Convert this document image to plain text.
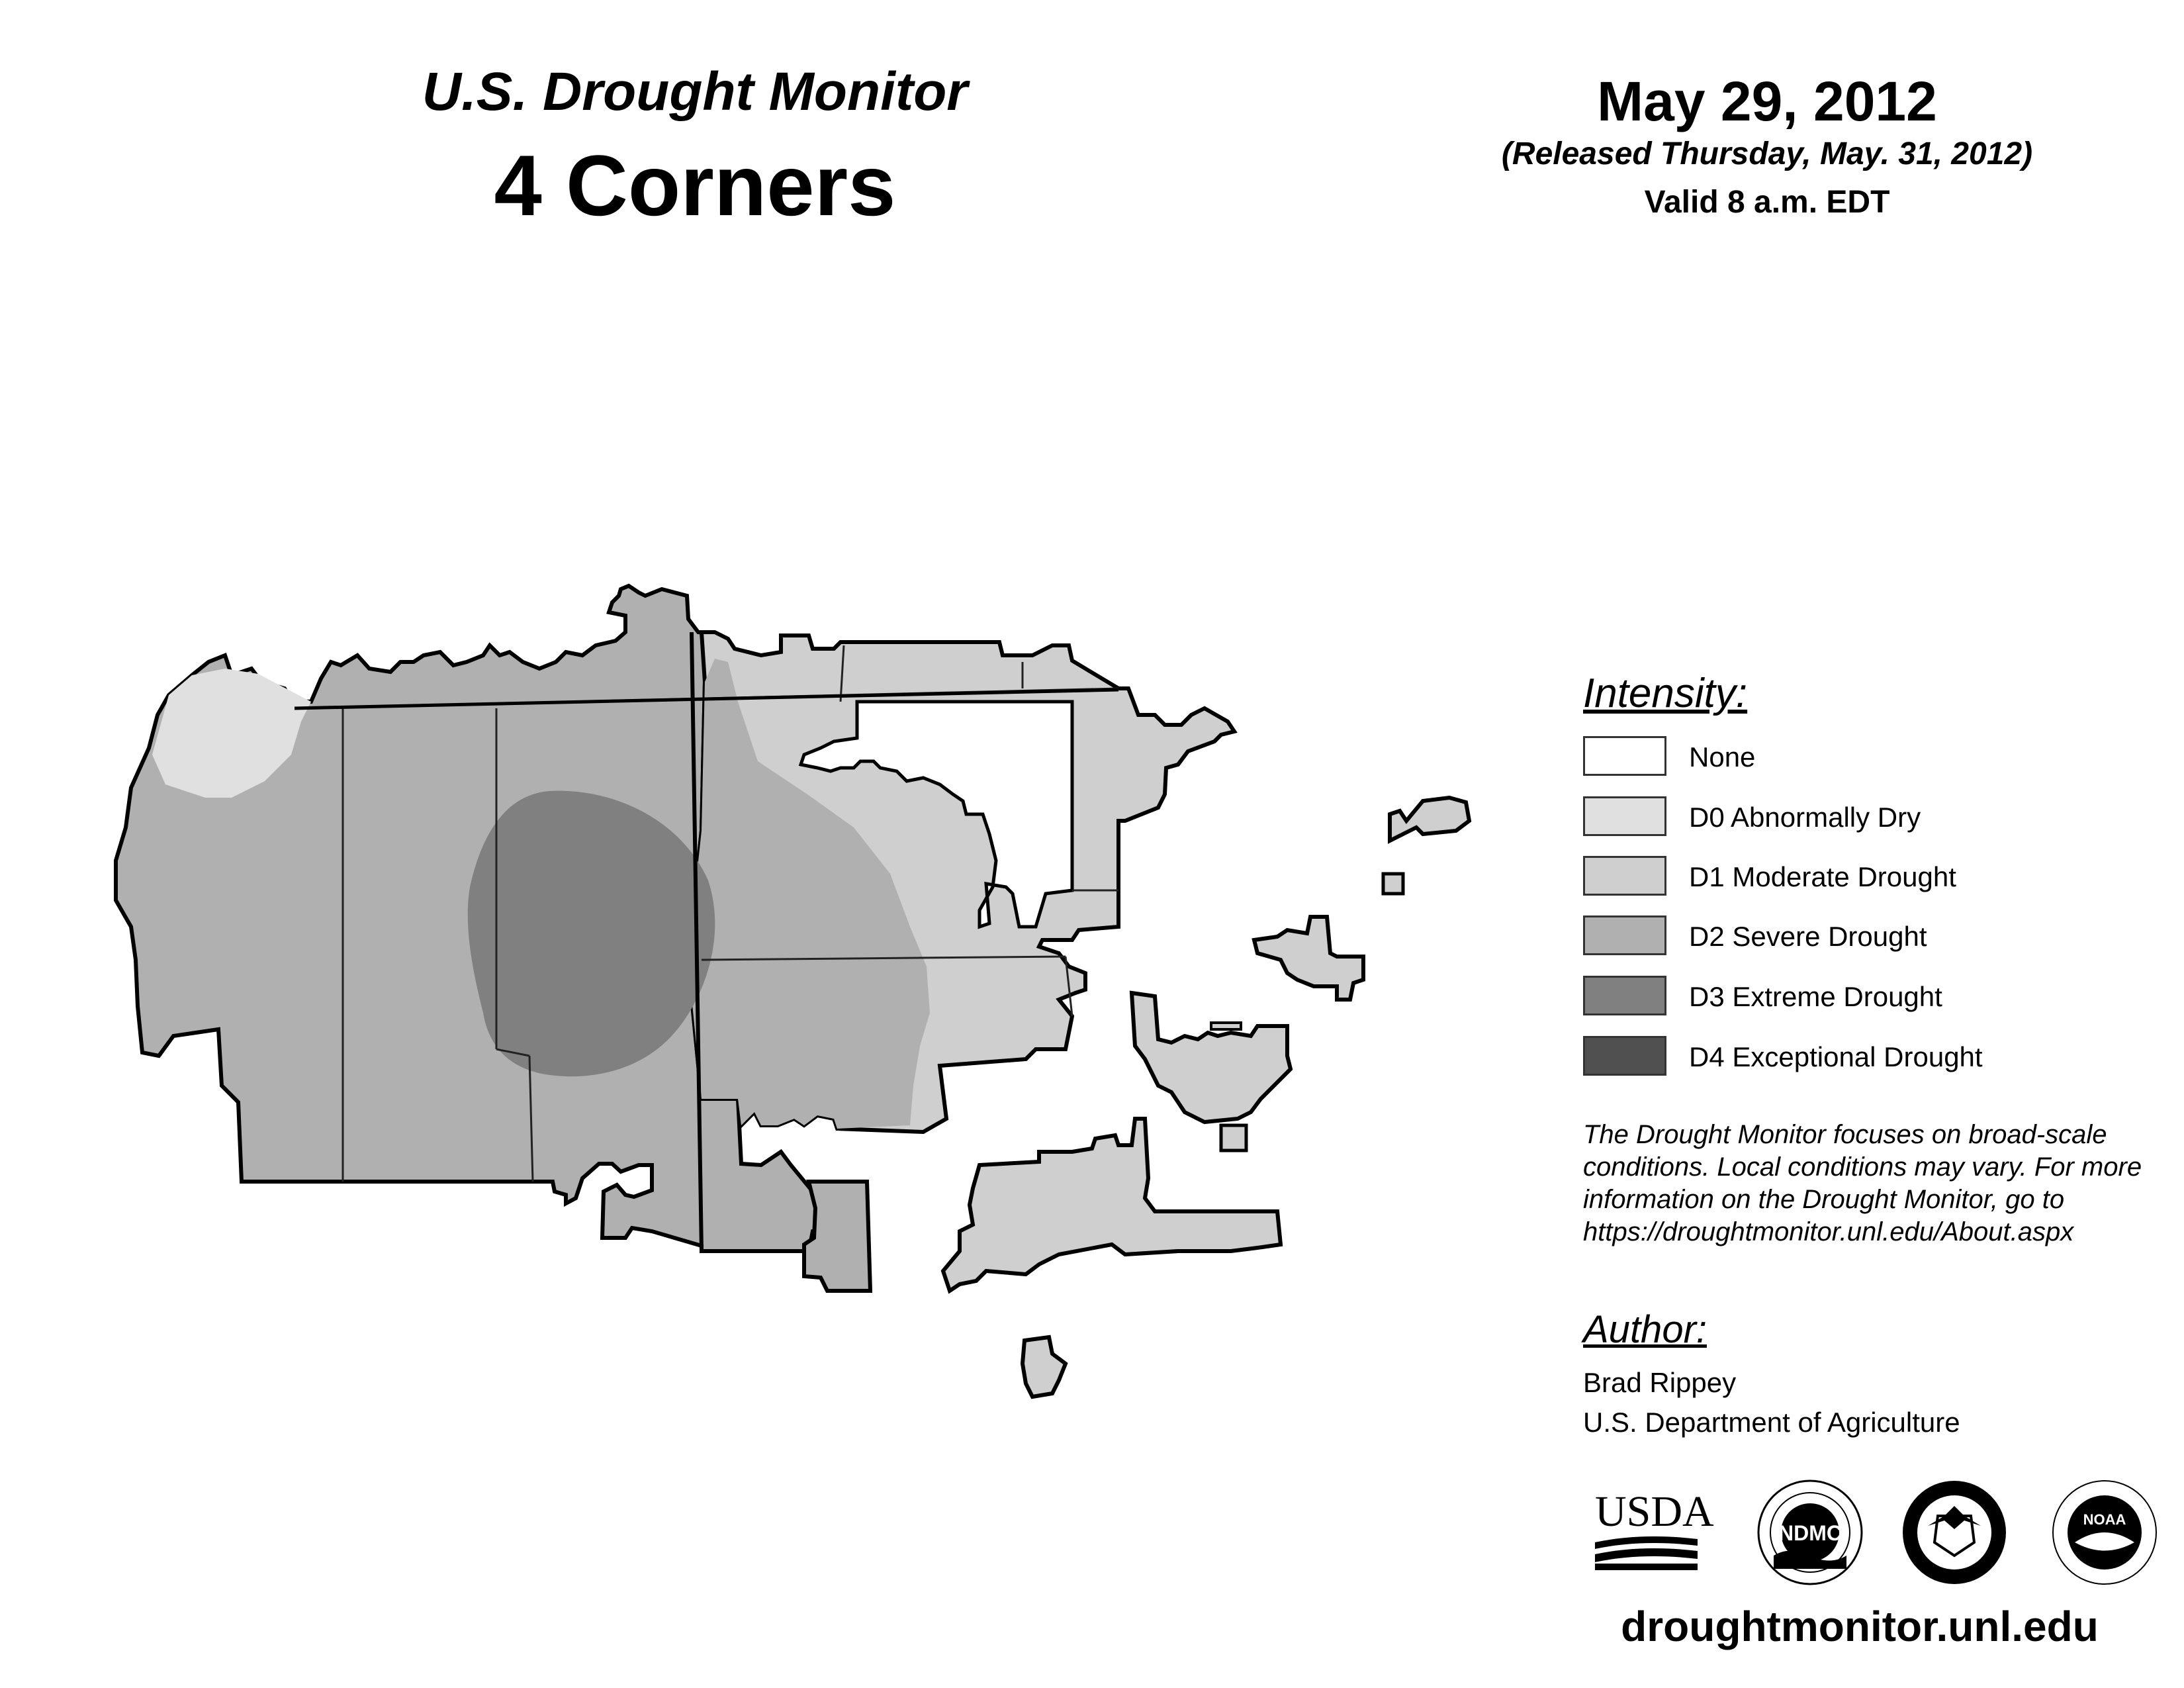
U.S. Drought Monitor
4 Corners
May 29, 2012
(Released Thursday, May. 31, 2012)
Valid 8 a.m. EDT
Intensity:
None
D0 Abnormally Dry
D1 Moderate Drought
D2 Severe Drought
D3 Extreme Drought
D4 Exceptional Drought
The Drought Monitor focuses on broad-scale
conditions. Local conditions may vary. For more
information on the Drought Monitor, go to
https://droughtmonitor.unl.edu/About.aspx
Author:
Brad Rippey
U.S. Department of Agriculture
USDA	NDMC
NOAA
droughtmonitor.unl.edu
